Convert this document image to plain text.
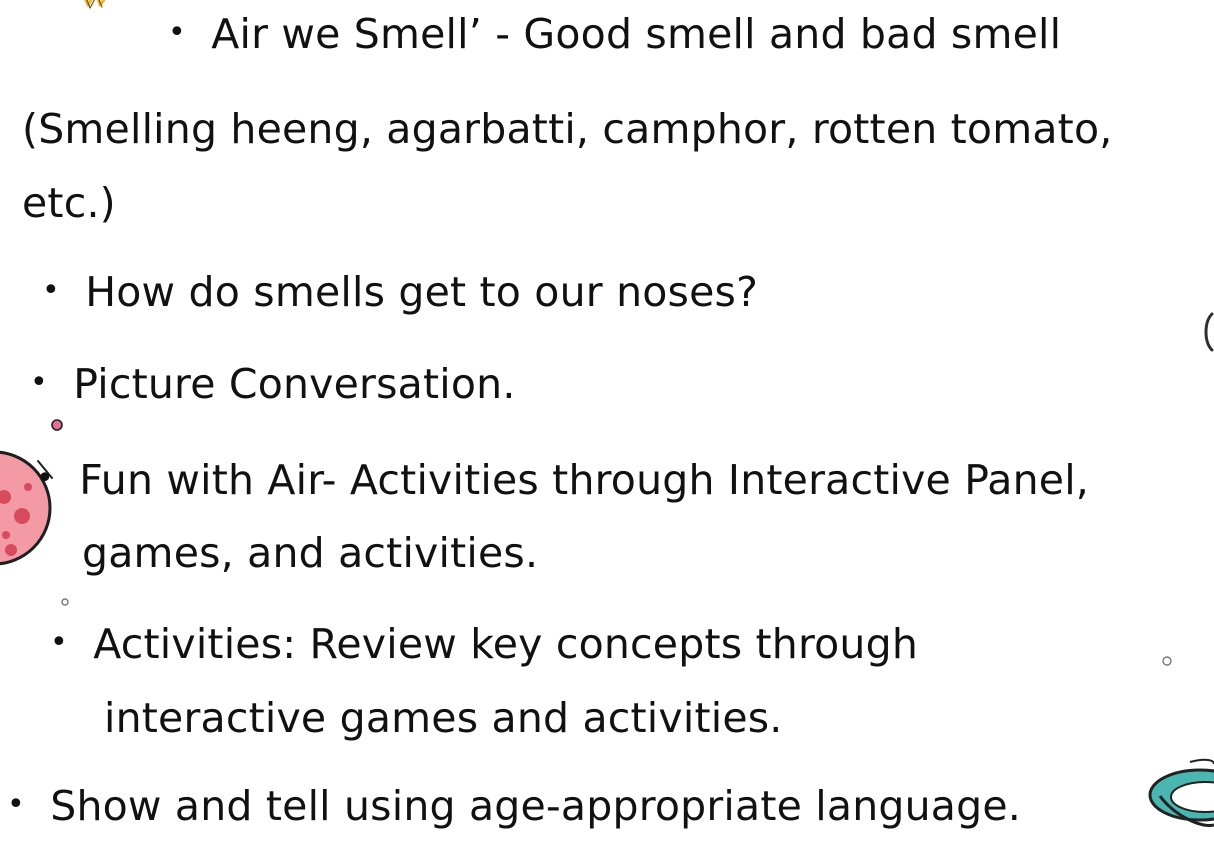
• Air we Smell’ - Good smell and bad smell
(Smelling heeng, agarbatti, camphor, rotten tomato,
etc.)
• How do smells get to our noses?
• Picture Conversation.
• Fun with Air- Activities through Interactive Panel,
games, and activities.
• Activities: Review key concepts through
interactive games and activities.
• Show and tell using age-appropriate language.
